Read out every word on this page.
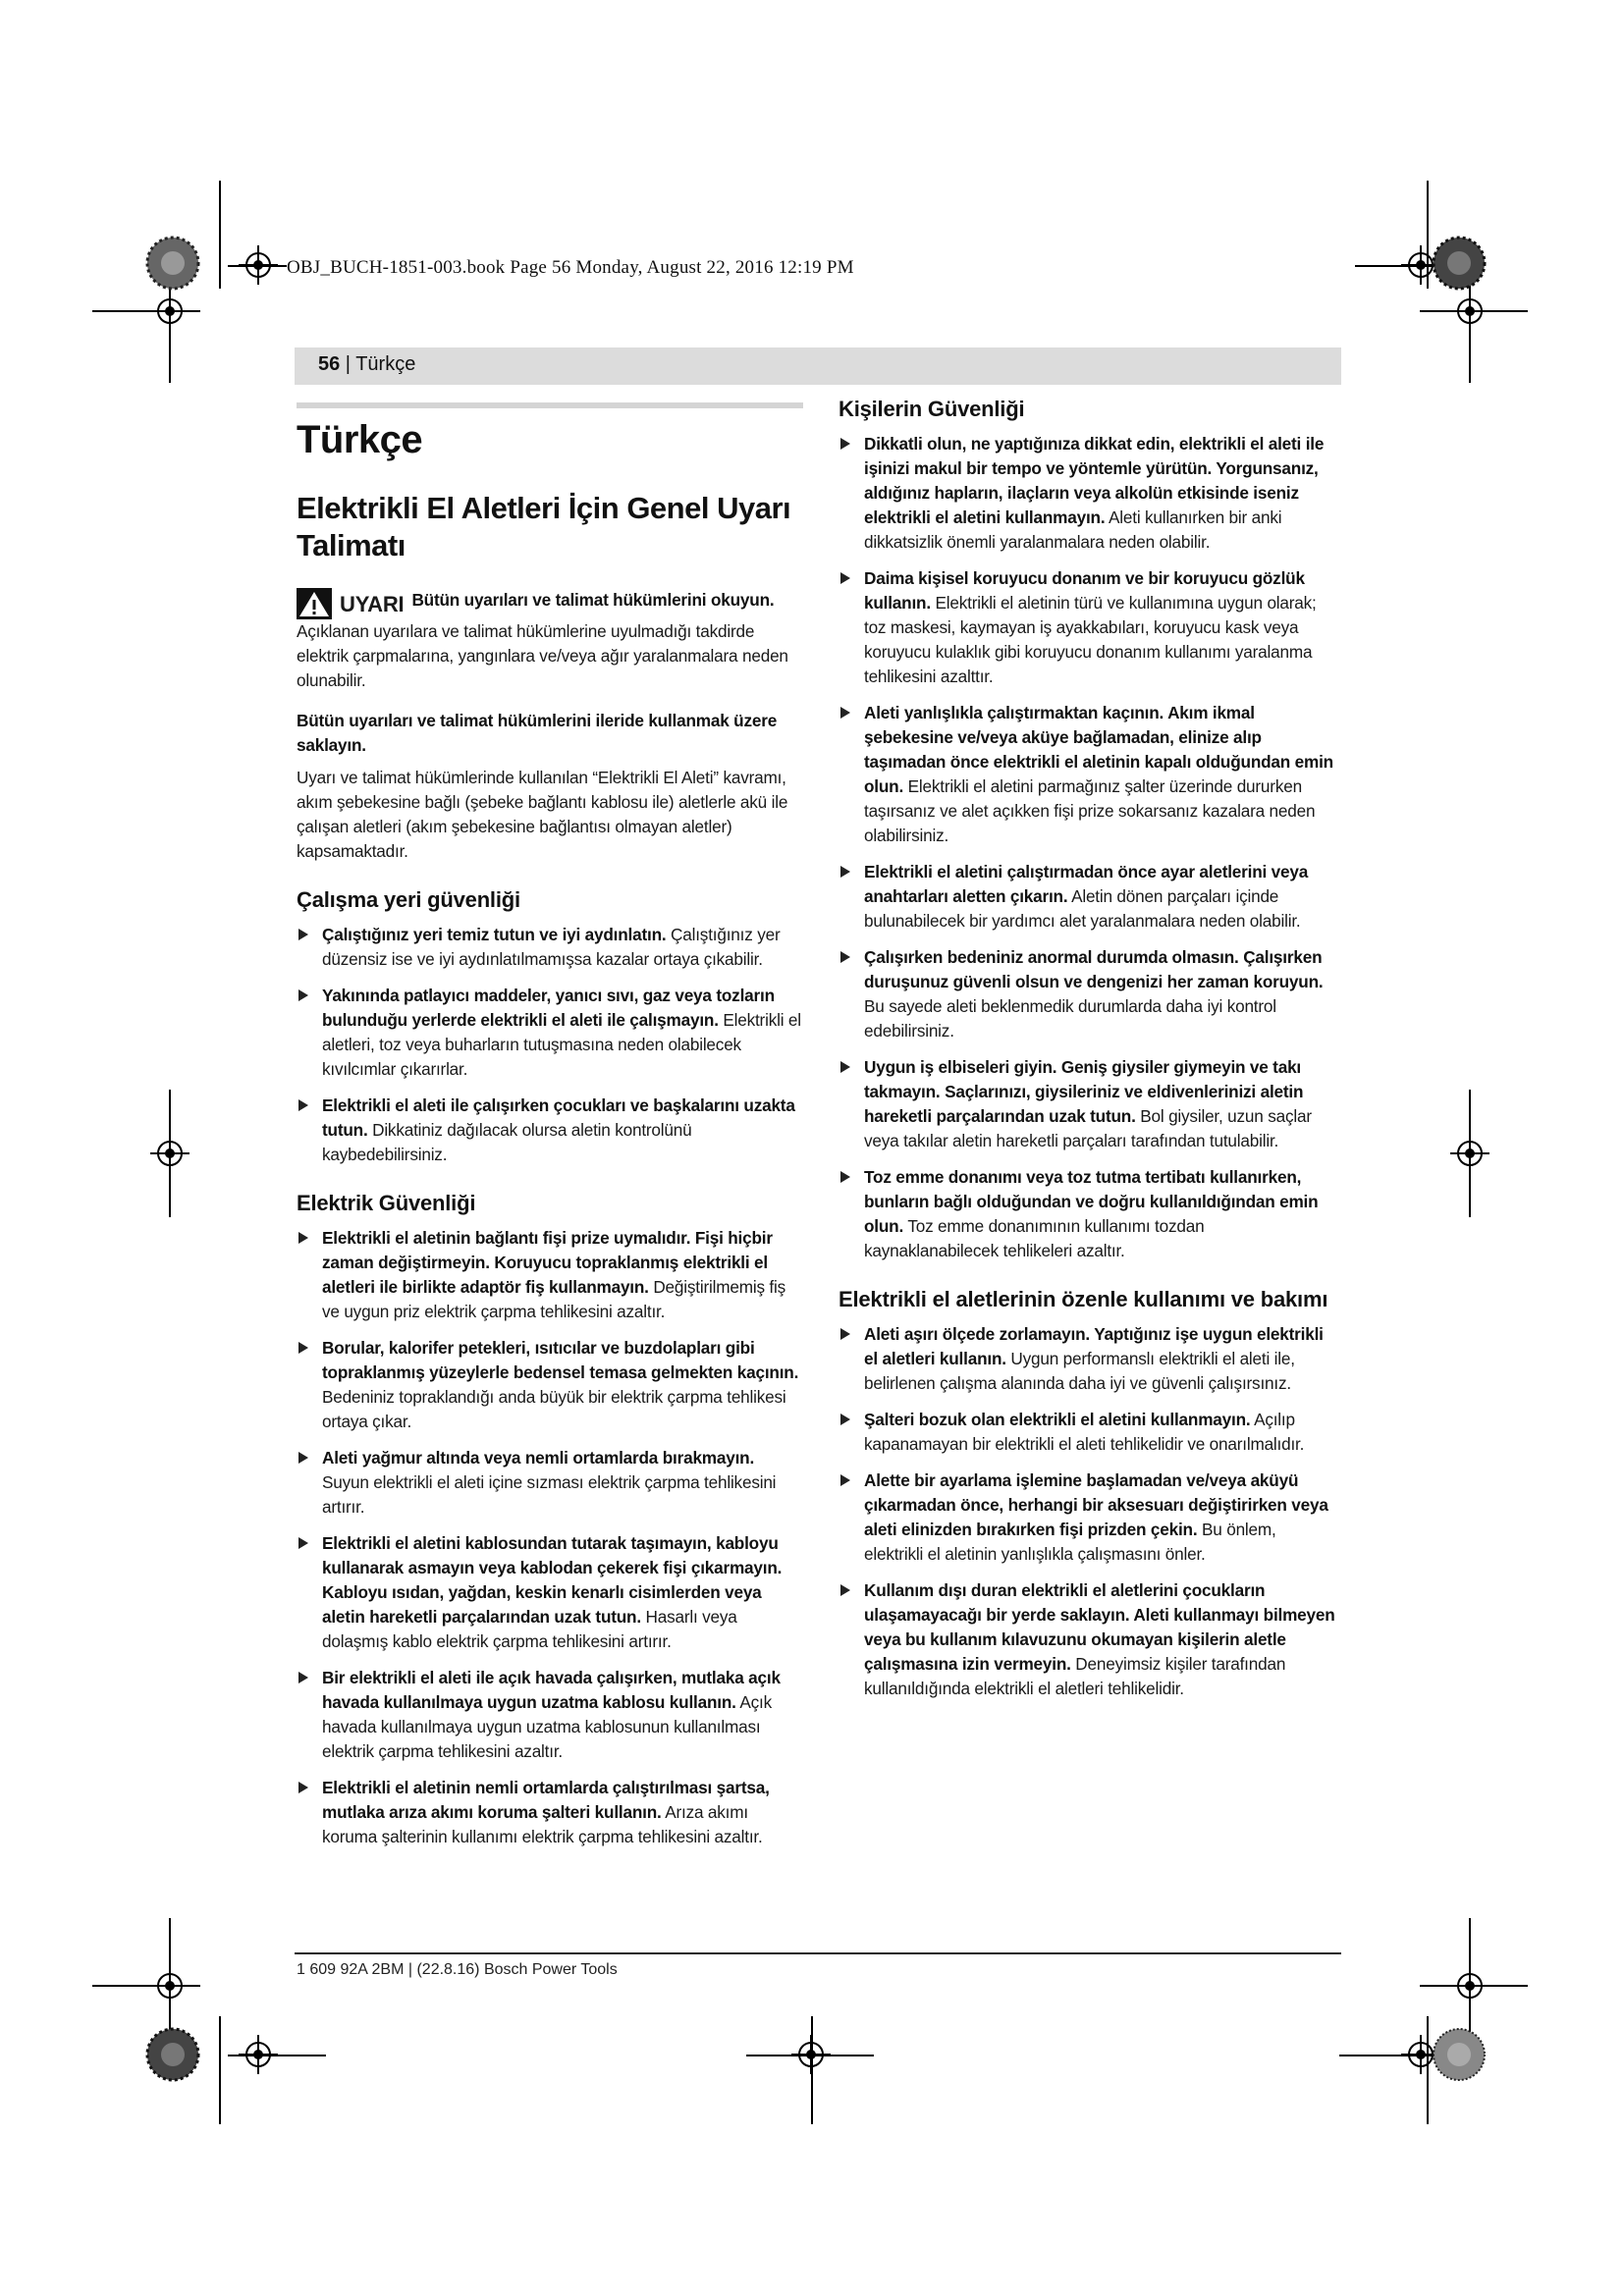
OBJ_BUCH-1851-003.book Page 56 Monday, August 22, 2016 12:19 PM
56 | Türkçe
Türkçe
Elektrikli El Aletleri İçin Genel Uyarı Talimatı

UYARI Bütün uyarıları ve talimat hükümlerini okuyun. Açıklanan uyarılara ve talimat hükümlerine uyulmadığı takdirde elektrik çarpmalarına, yangınlara ve/veya ağır yaralanmalara neden olunabilir.

Bütün uyarıları ve talimat hükümlerini ileride kullanmak üzere saklayın.

Uyarı ve talimat hükümlerinde kullanılan “Elektrikli El Aleti” kavramı, akım şebekesine bağlı (şebeke bağlantı kablosu ile) aletlerle akü ile çalışan aletleri (akım şebekesine bağlantısı olmayan aletler) kapsamaktadır.

Çalışma yeri güvenliği
Çalıştığınız yeri temiz tutun ve iyi aydınlatın. Çalıştığınız yer düzensiz ise ve iyi aydınlatılmamışsa kazalar ortaya çıkabilir.
Yakınında patlayıcı maddeler, yanıcı sıvı, gaz veya tozların bulunduğu yerlerde elektrikli el aleti ile çalışmayın. Elektrikli el aletleri, toz veya buharların tutuşmasına neden olabilecek kıvılcımlar çıkarırlar.
Elektrikli el aleti ile çalışırken çocukları ve başkalarını uzakta tutun. Dikkatiniz dağılacak olursa aletin kontrolünü kaybedebilirsiniz.
Elektrik Güvenliği
Elektrikli el aletinin bağlantı fişi prize uymalıdır. Fişi hiçbir zaman değiştirmeyin. Koruyucu topraklanmış elektrikli el aletleri ile birlikte adaptör fiş kullanmayın. Değiştirilmemiş fiş ve uygun priz elektrik çarpma tehlikesini azaltır.
Borular, kalorifer petekleri, ısıtıcılar ve buzdolapları gibi topraklanmış yüzeylerle bedensel temasa gelmekten kaçının. Bedeniniz topraklandığı anda büyük bir elektrik çarpma tehlikesi ortaya çıkar.
Aleti yağmur altında veya nemli ortamlarda bırakmayın. Suyun elektrikli el aleti içine sızması elektrik çarpma tehlikesini artırır.
Elektrikli el aletini kablosundan tutarak taşımayın, kabloyu kullanarak asmayın veya kablodan çekerek fişi çıkarmayın. Kabloyu ısıdan, yağdan, keskin kenarlı cisimlerden veya aletin hareketli parçalarından uzak tutun. Hasarlı veya dolaşmış kablo elektrik çarpma tehlikesini artırır.
Bir elektrikli el aleti ile açık havada çalışırken, mutlaka açık havada kullanılmaya uygun uzatma kablosu kullanın. Açık havada kullanılmaya uygun uzatma kablosunun kullanılması elektrik çarpma tehlikesini azaltır.
Elektrikli el aletinin nemli ortamlarda çalıştırılması şartsa, mutlaka arıza akımı koruma şalteri kullanın. Arıza akımı koruma şalterinin kullanımı elektrik çarpma tehlikesini azaltır.
Kişilerin Güvenliği
Dikkatli olun, ne yaptığınıza dikkat edin, elektrikli el aleti ile işinizi makul bir tempo ve yöntemle yürütün. Yorgunsanız, aldığınız hapların, ilaçların veya alkolün etkisinde iseniz elektrikli el aletini kullanmayın. Aleti kullanırken bir anki dikkatsizlik önemli yaralanmalara neden olabilir.
Daima kişisel koruyucu donanım ve bir koruyucu gözlük kullanın. Elektrikli el aletinin türü ve kullanımına uygun olarak; toz maskesi, kaymayan iş ayakkabıları, koruyucu kask veya koruyucu kulaklık gibi koruyucu donanım kullanımı yaralanma tehlikesini azalttır.
Aleti yanlışlıkla çalıştırmaktan kaçının. Akım ikmal şebekesine ve/veya aküye bağlamadan, elinize alıp taşımadan önce elektrikli el aletinin kapalı olduğundan emin olun. Elektrikli el aletini parmağınız şalter üzerinde dururken taşırsanız ve alet açıkken fişi prize sokarsanız kazalara neden olabilirsiniz.
Elektrikli el aletini çalıştırmadan önce ayar aletlerini veya anahtarları aletten çıkarın. Aletin dönen parçaları içinde bulunabilecek bir yardımcı alet yaralanmalara neden olabilir.
Çalışırken bedeniniz anormal durumda olmasın. Çalışırken duruşunuz güvenli olsun ve dengenizi her zaman koruyun. Bu sayede aleti beklenmedik durumlarda daha iyi kontrol edebilirsiniz.
Uygun iş elbiseleri giyin. Geniş giysiler giymeyin ve takı takmayın. Saçlarınızı, giysileriniz ve eldivenlerinizi aletin hareketli parçalarından uzak tutun. Bol giysiler, uzun saçlar veya takılar aletin hareketli parçaları tarafından tutulabilir.
Toz emme donanımı veya toz tutma tertibatı kullanırken, bunların bağlı olduğundan ve doğru kullanıldığından emin olun. Toz emme donanımının kullanımı tozdan kaynaklanabilecek tehlikeleri azaltır.
Elektrikli el aletlerinin özenle kullanımı ve bakımı
Aleti aşırı ölçede zorlamayın. Yaptığınız işe uygun elektrikli el aletleri kullanın. Uygun performanslı elektrikli el aleti ile, belirlenen çalışma alanında daha iyi ve güvenli çalışırsınız.
Şalteri bozuk olan elektrikli el aletini kullanmayın. Açılıp kapanamayan bir elektrikli el aleti tehlikelidir ve onarılmalıdır.
Alette bir ayarlama işlemine başlamadan ve/veya aküyü çıkarmadan önce, herhangi bir aksesuarı değiştirirken veya aleti elinizden bırakırken fişi prizden çekin. Bu önlem, elektrikli el aletinin yanlışlıkla çalışmasını önler.
Kullanım dışı duran elektrikli el aletlerini çocukların ulaşamayacağı bir yerde saklayın. Aleti kullanmayı bilmeyen veya bu kullanım kılavuzunu okumayan kişilerin aletle çalışmasına izin vermeyin. Deneyimsiz kişiler tarafından kullanıldığında elektrikli el aletleri tehlikelidir.
1 609 92A 2BM | (22.8.16) Bosch Power Tools
